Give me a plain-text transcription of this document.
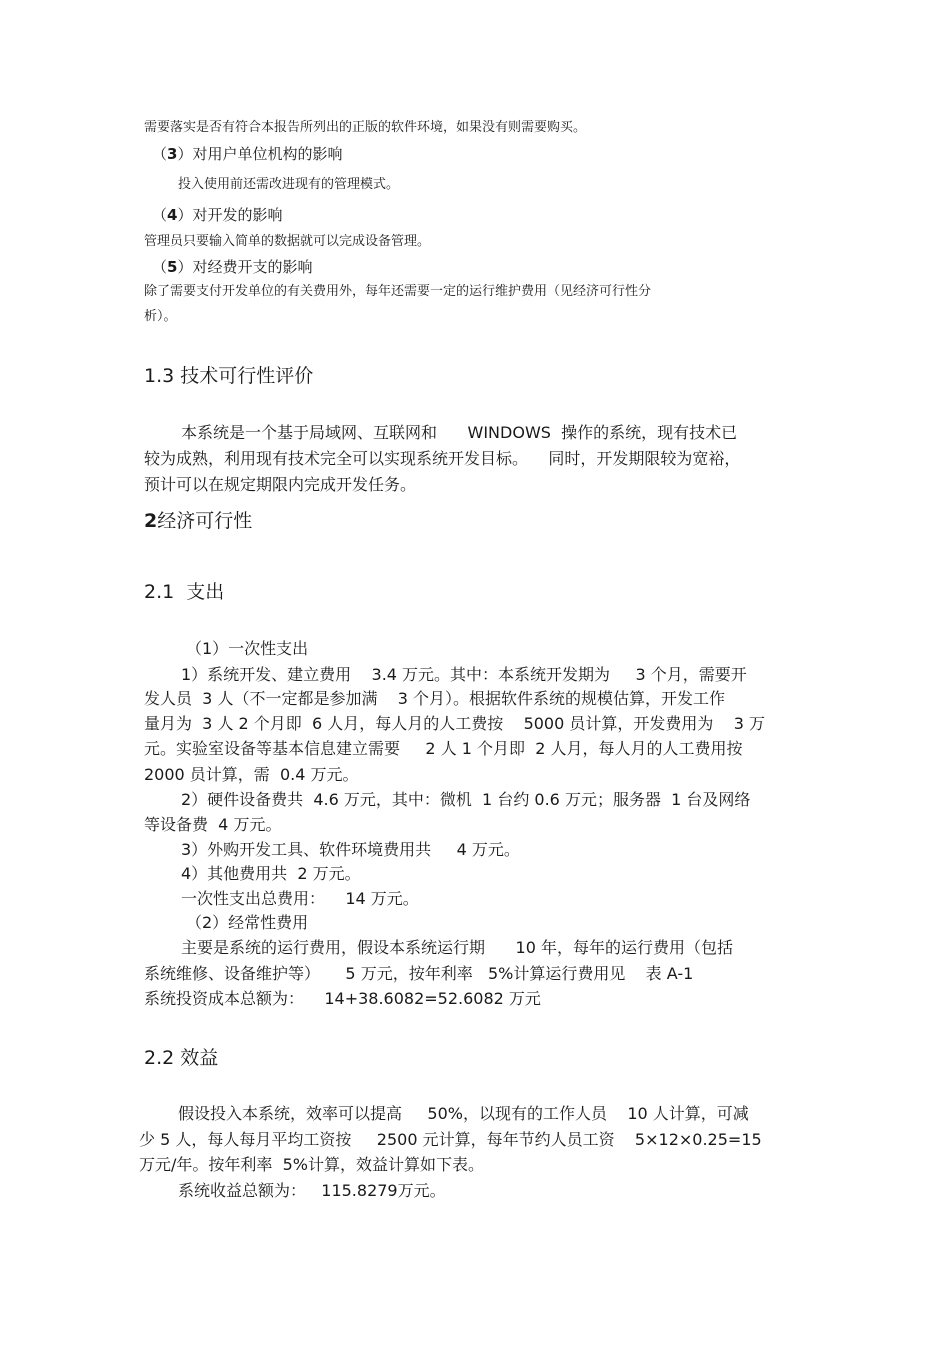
需要落实是否有符合本报告所列出的正版的软件环境，如果没有则需要购买。
（3）对用户单位机构的影响
投入使用前还需改进现有的管理模式。
（4）对开发的影响
管理员只要输入简单的数据就可以完成设备管理。
（5）对经费开支的影响
除了需要支付开发单位的有关费用外，每年还需要一定的运行维护费用（见经济可行性分
析）。
1.3 技术可行性评价
本系统是一个基于局域网、互联网和      WINDOWS  操作的系统，现有技术已
较为成熟，利用现有技术完全可以实现系统开发目标。    同时，开发期限较为宽裕，
预计可以在规定期限内完成开发任务。
2经济可行性
2.1  支出
（1）一次性支出
1）系统开发、建立费用    3.4 万元。其中：本系统开发期为     3 个月，需要开
发人员  3 人（不一定都是参加满    3 个月）。根据软件系统的规模估算，开发工作
量月为  3 人 2 个月即  6 人月，每人月的人工费按    5000 员计算，开发费用为    3 万
元。实验室设备等基本信息建立需要     2 人 1 个月即  2 人月，每人月的人工费用按
2000 员计算，需  0.4 万元。
2）硬件设备费共  4.6 万元，其中：微机  1 台约 0.6 万元；服务器  1 台及网络
等设备费  4 万元。
3）外购开发工具、软件环境费用共     4 万元。
4）其他费用共  2 万元。
一次性支出总费用：    14 万元。
（2）经常性费用
主要是系统的运行费用，假设本系统运行期      10 年，每年的运行费用（包括
系统维修、设备维护等）     5 万元，按年利率   5%计算运行费用见    表 A-1
系统投资成本总额为：    14+38.6082=52.6082 万元
2.2 效益
假设投入本系统，效率可以提高     50%，以现有的工作人员    10 人计算，可减
少 5 人，每人每月平均工资按     2500 元计算，每年节约人员工资    5×12×0.25=15
万元/年。按年利率  5%计算，效益计算如下表。
系统收益总额为：   115.8279万元。
